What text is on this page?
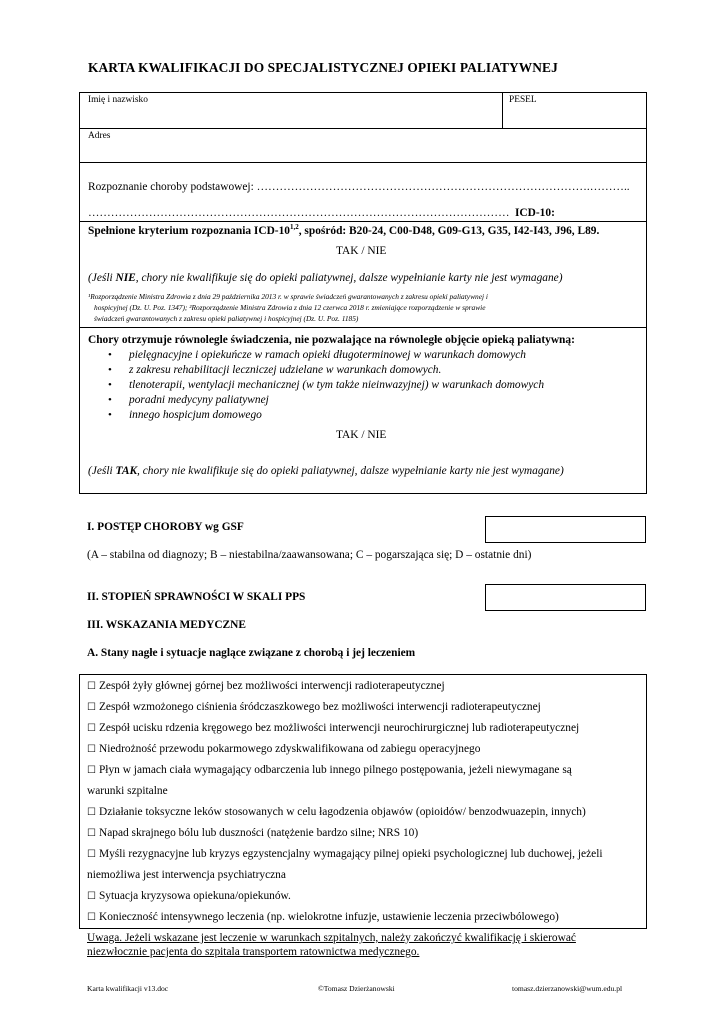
KARTA KWALIFIKACJI DO SPECJALISTYCZNEJ OPIEKI PALIATYWNEJ
Imię i nazwisko	PESEL
Adres
Rozpoznanie choroby podstawowej: …………………………………………………………………………….………..
………………………………………………………………………………………………… ICD-10:
Spełnione kryterium rozpoznania ICD-10$^{1,2}$, spośród: B20-24, C00-D48, G09-G13, G35, I42-I43, J96, L89.
TAK / NIE
(Jeśli NIE, chory nie kwalifikuje się do opieki paliatywnej, dalsze wypełnianie karty nie jest wymagane)
¹Rozporządzenie Ministra Zdrowia z dnia 29 października 2013 r. w sprawie świadczeń gwarantowanych z zakresu opieki paliatywnej i
hospicyjnej (Dz. U. Poz. 1347); ²Rozporządzenie Ministra Zdrowia z dnia 12 czerwca 2018 r. zmieniające rozporządzenie w sprawie
świadczeń gwarantowanych z zakresu opieki paliatywnej i hospicyjnej (Dz. U. Poz. 1185)
Chory otrzymuje równolegle świadczenia, nie pozwalające na równoległe objęcie opieką paliatywną:
• pielęgnacyjne i opiekuńcze w ramach opieki długoterminowej w warunkach domowych
• z zakresu rehabilitacji leczniczej udzielane w warunkach domowych.
• tlenoterapii, wentylacji mechanicznej (w tym także nieinwazyjnej) w warunkach domowych
• poradni medycyny paliatywnej
• innego hospicjum domowego
TAK / NIE
(Jeśli TAK, chory nie kwalifikuje się do opieki paliatywnej, dalsze wypełnianie karty nie jest wymagane)
I. POSTĘP CHOROBY wg GSF
(A – stabilna od diagnozy; B – niestabilna/zaawansowana; C – pogarszająca się; D – ostatnie dni)
II. STOPIEŃ SPRAWNOŚCI W SKALI PPS
III. WSKAZANIA MEDYCZNE
A. Stany nagłe i sytuacje naglące związane z chorobą i jej leczeniem
☐ Zespół żyły głównej górnej bez możliwości interwencji radioterapeutycznej
☐ Zespół wzmożonego ciśnienia śródczaszkowego bez możliwości interwencji radioterapeutycznej
☐ Zespół ucisku rdzenia kręgowego bez możliwości interwencji neurochirurgicznej lub radioterapeutycznej
☐ Niedrożność przewodu pokarmowego zdyskwalifikowana od zabiegu operacyjnego
☐ Płyn w jamach ciała wymagający odbarczenia lub innego pilnego postępowania, jeżeli niewymagane są
warunki szpitalne
☐ Działanie toksyczne leków stosowanych w celu łagodzenia objawów (opioidów/ benzodwuazepin, innych)
☐ Napad skrajnego bólu lub duszności (natężenie bardzo silne; NRS 10)
☐ Myśli rezygnacyjne lub kryzys egzystencjalny wymagający pilnej opieki psychologicznej lub duchowej, jeżeli
niemożliwa jest interwencja psychiatryczna
☐ Sytuacja kryzysowa opiekuna/opiekunów.
☐ Konieczność intensywnego leczenia (np. wielokrotne infuzje, ustawienie leczenia przeciwbólowego)
Uwaga. Jeżeli wskazane jest leczenie w warunkach szpitalnych, należy zakończyć kwalifikację i skierować
niezwłocznie pacjenta do szpitala transportem ratownictwa medycznego.
Karta kwalifikacji v13.doc	©Tomasz Dzierżanowski	tomasz.dzierzanowski@wum.edu.pl
